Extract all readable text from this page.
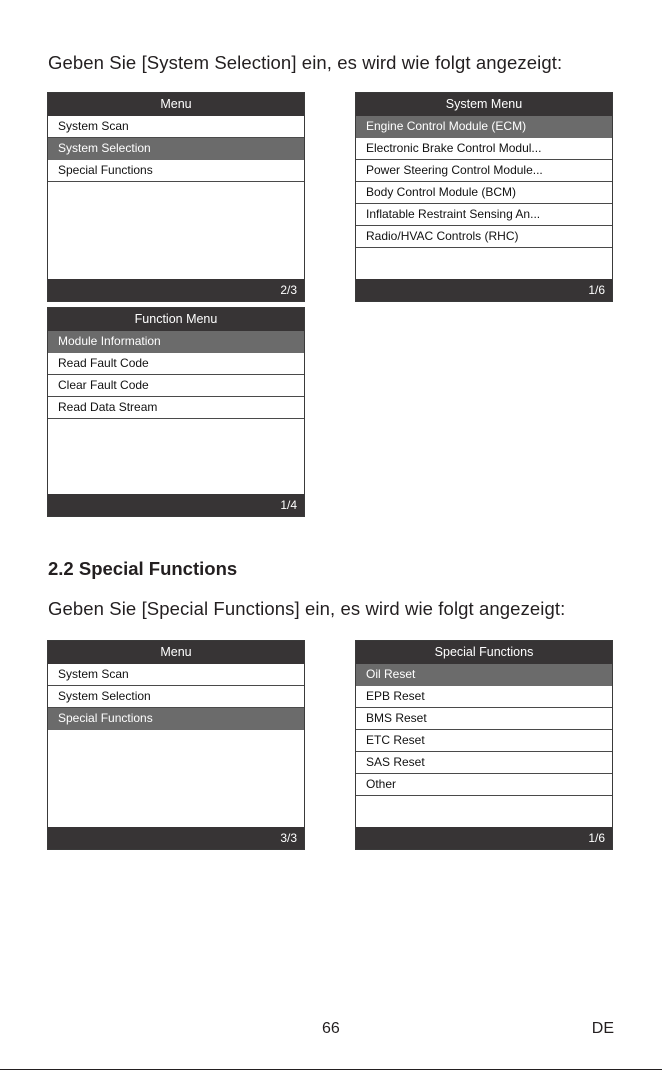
Geben Sie [System Selection] ein, es wird wie folgt angezeigt:

Menu
System Scan
System Selection
Special Functions
2/3
System Menu
Engine Control Module (ECM)
Electronic Brake Control Modul...
Power Steering Control Module...
Body Control Module (BCM)
Inflatable Restraint Sensing An...
Radio/HVAC Controls (RHC)
1/6
Function Menu
Module Information
Read Fault Code
Clear Fault Code
Read Data Stream
1/4
2.2 Special Functions

Geben Sie [Special Functions] ein, es wird wie folgt angezeigt:

Menu
System Scan
System Selection
Special Functions
3/3
Special Functions
Oil Reset
EPB Reset
BMS Reset
ETC Reset
SAS Reset
Other
1/6
66	DE
